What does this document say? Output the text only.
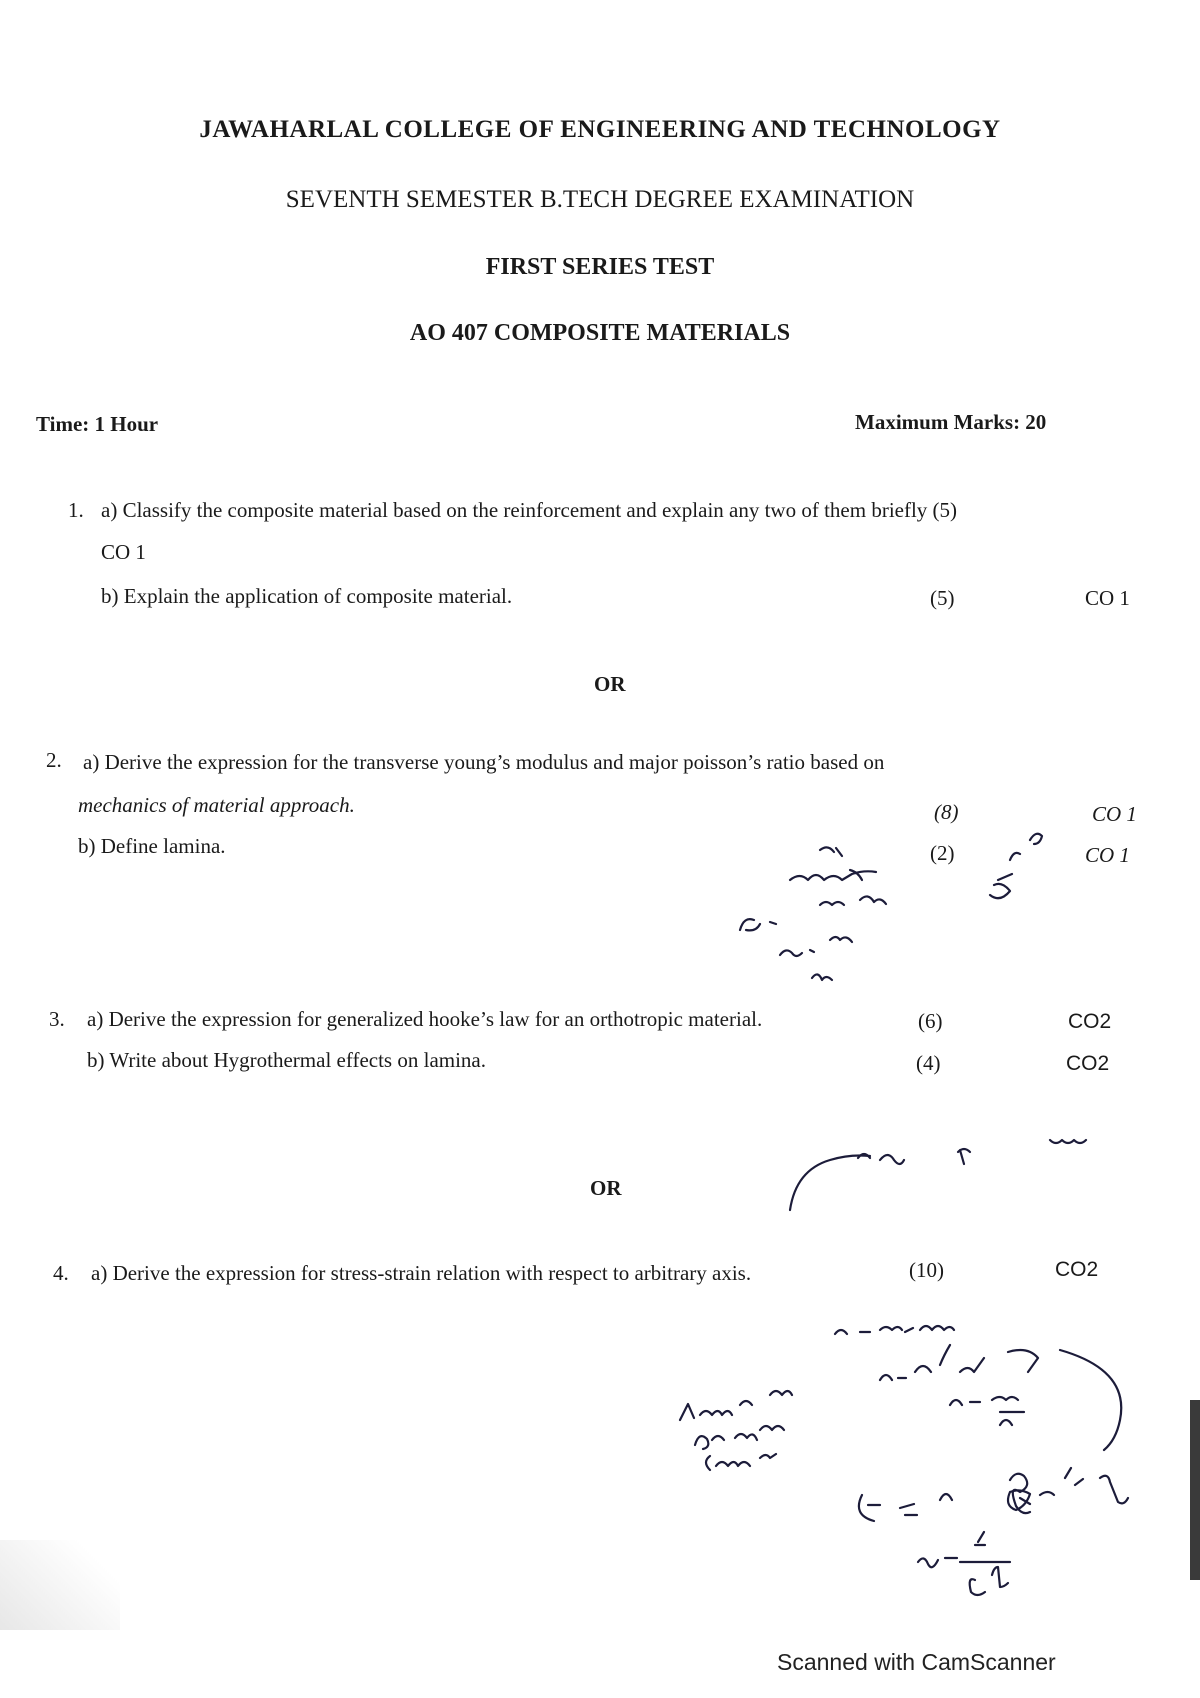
JAWAHARLAL COLLEGE OF ENGINEERING AND TECHNOLOGY
SEVENTH SEMESTER B.TECH DEGREE EXAMINATION
FIRST SERIES TEST
AO 407 COMPOSITE MATERIALS
Time: 1 Hour	Maximum Marks: 20
1. a) Classify the composite material based on the reinforcement and explain any two of them briefly (5)
CO 1
b) Explain the application of composite material.	(5)	CO 1
OR
2. a) Derive the expression for the transverse young’s modulus and major poisson’s ratio based on
mechanics of material approach.	(8)	CO 1
b) Define lamina.	(2)	CO 1
3. a) Derive the expression for generalized hooke’s law for an orthotropic material.	(6)	CO2
b) Write about Hygrothermal effects on lamina.	(4)	CO2
OR
4. a) Derive the expression for stress-strain relation with respect to arbitrary axis.	(10)	CO2
Scanned with CamScanner
